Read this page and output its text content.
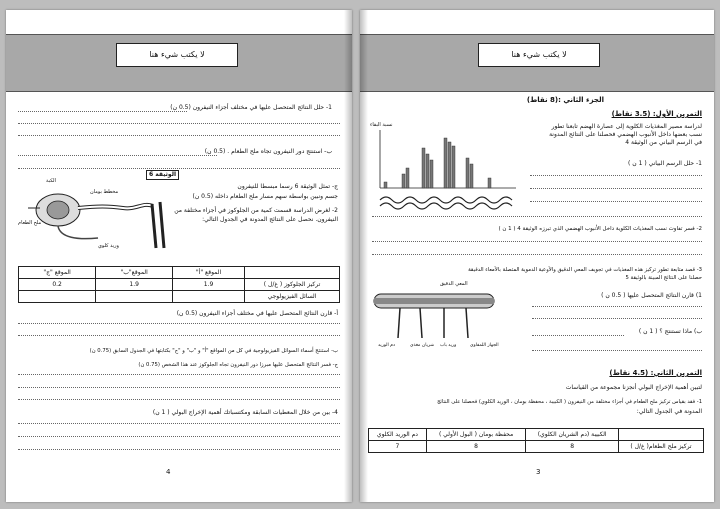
لا يكتب شيء هنا
1- حلل النتائج المتحصل عليها في مختلف أجزاء النيفرون (0.5 ن)
ب- استنتج دور النيفرون تجاه ملح الطعام . (0.5 ن)
ج- تمثل الوثيقة 6 رسما مبسطا للنيفرون
جسم ونبين بواسطة سهم مسار ملح الطعام داخله (0.5 ن)
2- لغرض الدراسة قسمت كمية من الجلوكوز في أجزاء مختلفة من
النيفرون. نحصل على النتائج المدونة في الجدول التالي:
الوثيقة 6
الكبة
مخطط بومان
ملح الطعام
وريد كلوي
	الموقع "أ"	الموقع"ب"	الموقع "ج"
تركيز الجلوكوز ( غ/ل )	1.9	1.9	0.2
السائل الفيزيولوجي			
أ- قارن النتائج المتحصل عليها في مختلف أجزاء النيفرون (0.5 ن)
ب- استنتج أسماء السوائل الفيزيولوجية في كل من المواقع "أ" و "ب" و "ج" بكتابتها في الجدول السابق (0.75 ن)
ج- فسر النتائج المتحصل عليها مبرزا دور النيفرون تجاه الجلوكوز عند هذا الشخص (0.75 ن)
4- بين من خلال المعطيات السابقة ومكتسباتك أهمية الإخراج البولي ( 1 ن)
4
لا يكتب شيء هنا
الجزء الثاني :(8 نقاط)
التمرين الأول: (3.5 نقاط)
لدراسة مصير المغذيات الكلوية إلى عصارة الهضم تابعنا تطور
نسب بعضها داخل الأنبوب الهضمي فحصلنا على النتائج المدونة
في الرسم البياني من الوثيقة 4
نسبة البقاء
1- حلل الرسم البياني ( 1 ن )
2- فسر تفاوت نسب المغذيات الكلوية داخل الأنبوب الهضمي الذي تبرزه الوثيقة 4 ( 1 ن )
3- قصد متابعة تطور تركيز هذه المغذيات في تجويف المعي الدقيق والأوعية الدموية المتصلة بالأمعاء الدقيقة
حصلنا على النتائج المبينة بالوثيقة 5
المعي الدقيق
دم الوريد	شريان مغذي وريد باب	الجهاز اللمفاوي
1) قارن النتائج المتحصل عليها ( 0.5 ن )
ب) ماذا تستنتج ؟ ( 1 ن )
التمرين الثاني: (4.5 نقاط)
لتبين أهمية الإخراج البولي أنجزنا مجموعة من القياسات
1- فقد بقياس تركيز ملح الطعام في أجزاء مختلفة من النيفرون ( الكبيبة ، محفظة بومان ، الوريد الكلوي) فحصلنا على النتائج
المدونة في الجدول التالي:
	الكبيبة (دم الشريان الكلوي)	محفظة بومان ( البول الأولي )	دم الوريد الكلوي
تركيز ملح الطعام( غ/ل )	8	8	7
3
